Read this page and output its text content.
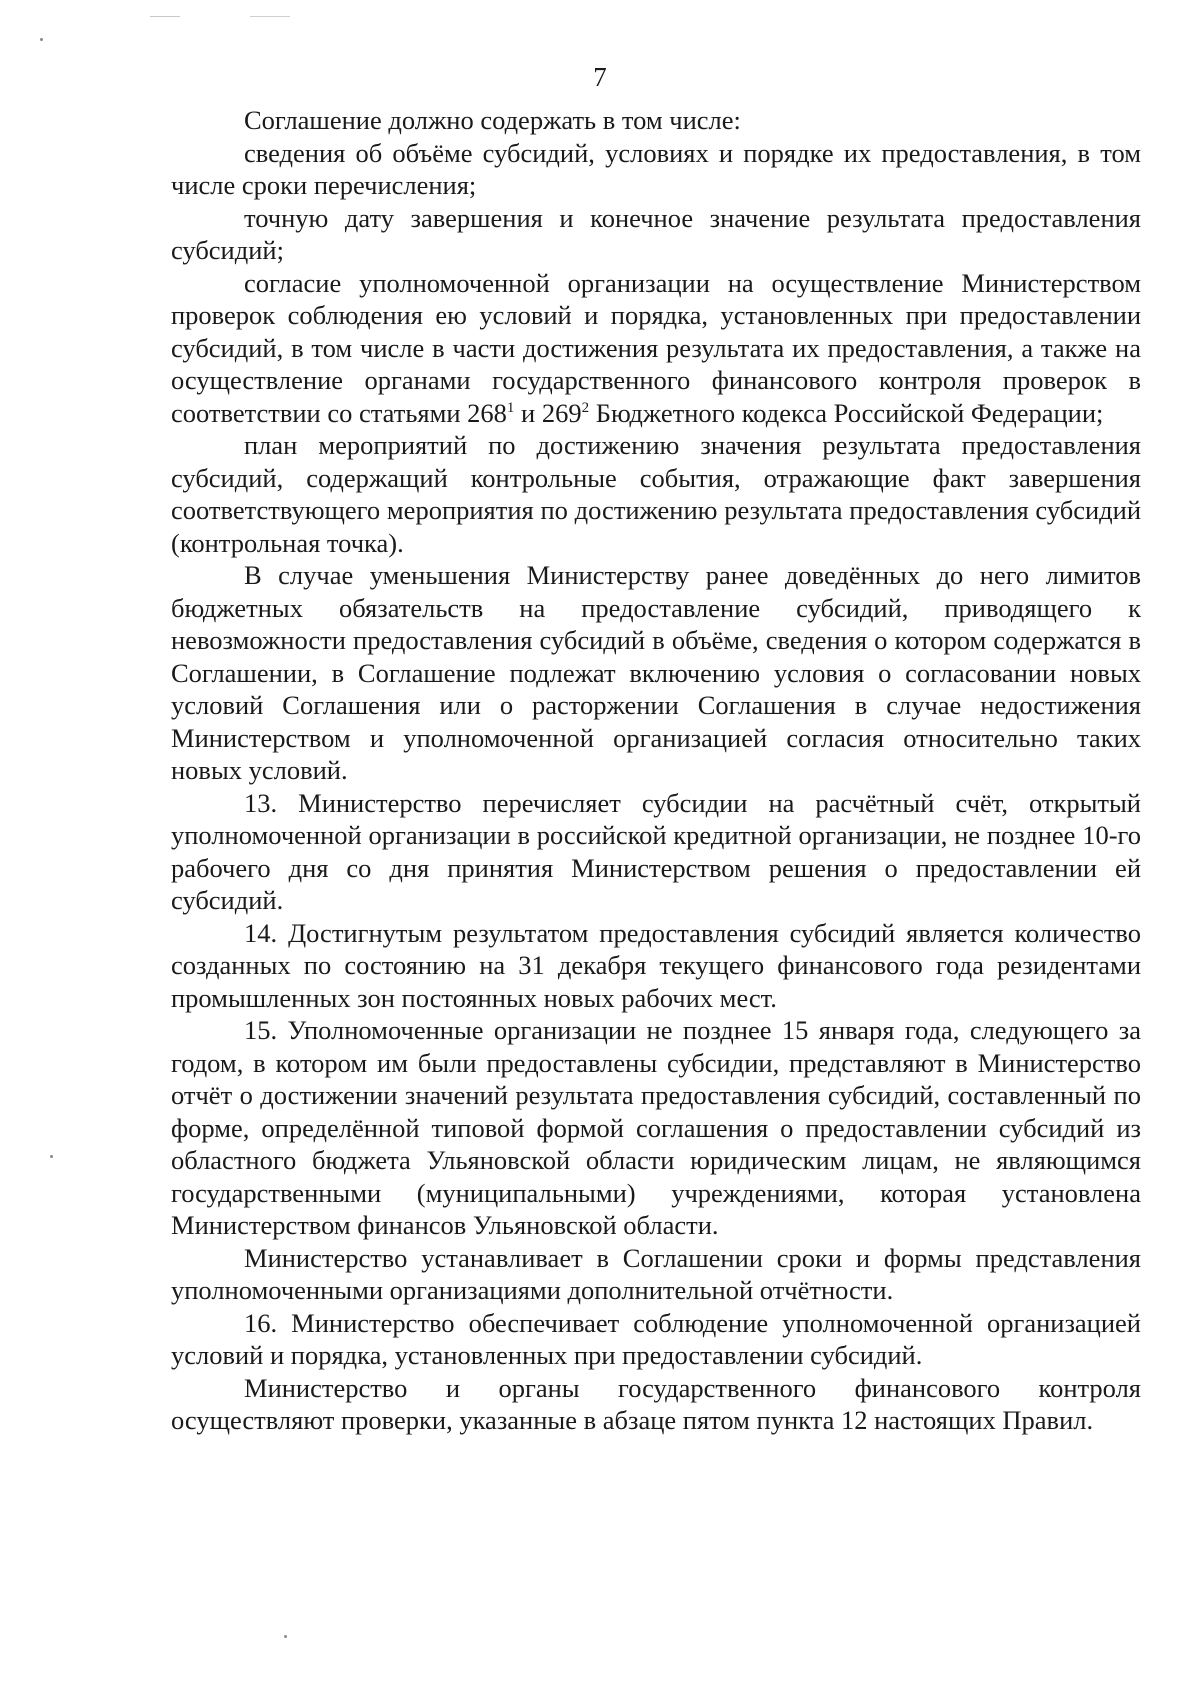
7

Соглашение должно содержать в том числе:

сведения об объёме субсидий, условиях и порядке их предоставления, в том числе сроки перечисления;

точную дату завершения и конечное значение результата предоставления субсидий;

согласие уполномоченной организации на осуществление Министерством проверок соблюдения ею условий и порядка, установленных при предоставлении субсидий, в том числе в части достижения результата их предоставления, а также на осуществление органами государственного финансового контроля проверок в соответствии со статьями $268^1$ и $269^2$ Бюджетного кодекса Российской Федерации;

план мероприятий по достижению значения результата предоставления субсидий, содержащий контрольные события, отражающие факт завершения соответствующего мероприятия по достижению результата предоставления субсидий (контрольная точка).

В случае уменьшения Министерству ранее доведённых до него лимитов бюджетных обязательств на предоставление субсидий, приводящего к невозможности предоставления субсидий в объёме, сведения о котором содержатся в Соглашении, в Соглашение подлежат включению условия о согласовании новых условий Соглашения или о расторжении Соглашения в случае недостижения Министерством и уполномоченной организацией согласия относительно таких новых условий.

13. Министерство перечисляет субсидии на расчётный счёт, открытый уполномоченной организации в российской кредитной организации, не позднее 10-го рабочего дня со дня принятия Министерством решения о предоставлении ей субсидий.

14. Достигнутым результатом предоставления субсидий является количество созданных по состоянию на 31 декабря текущего финансового года резидентами промышленных зон постоянных новых рабочих мест.

15. Уполномоченные организации не позднее 15 января года, следующего за годом, в котором им были предоставлены субсидии, представляют в Министерство отчёт о достижении значений результата предоставления субсидий, составленный по форме, определённой типовой формой соглашения о предоставлении субсидий из областного бюджета Ульяновской области юридическим лицам, не являющимся государственными (муниципальными) учреждениями, которая установлена Министерством финансов Ульяновской области.

Министерство устанавливает в Соглашении сроки и формы представления уполномоченными организациями дополнительной отчётности.

16. Министерство обеспечивает соблюдение уполномоченной организацией условий и порядка, установленных при предоставлении субсидий.

Министерство и органы государственного финансового контроля осуществляют проверки, указанные в абзаце пятом пункта 12 настоящих Правил.
